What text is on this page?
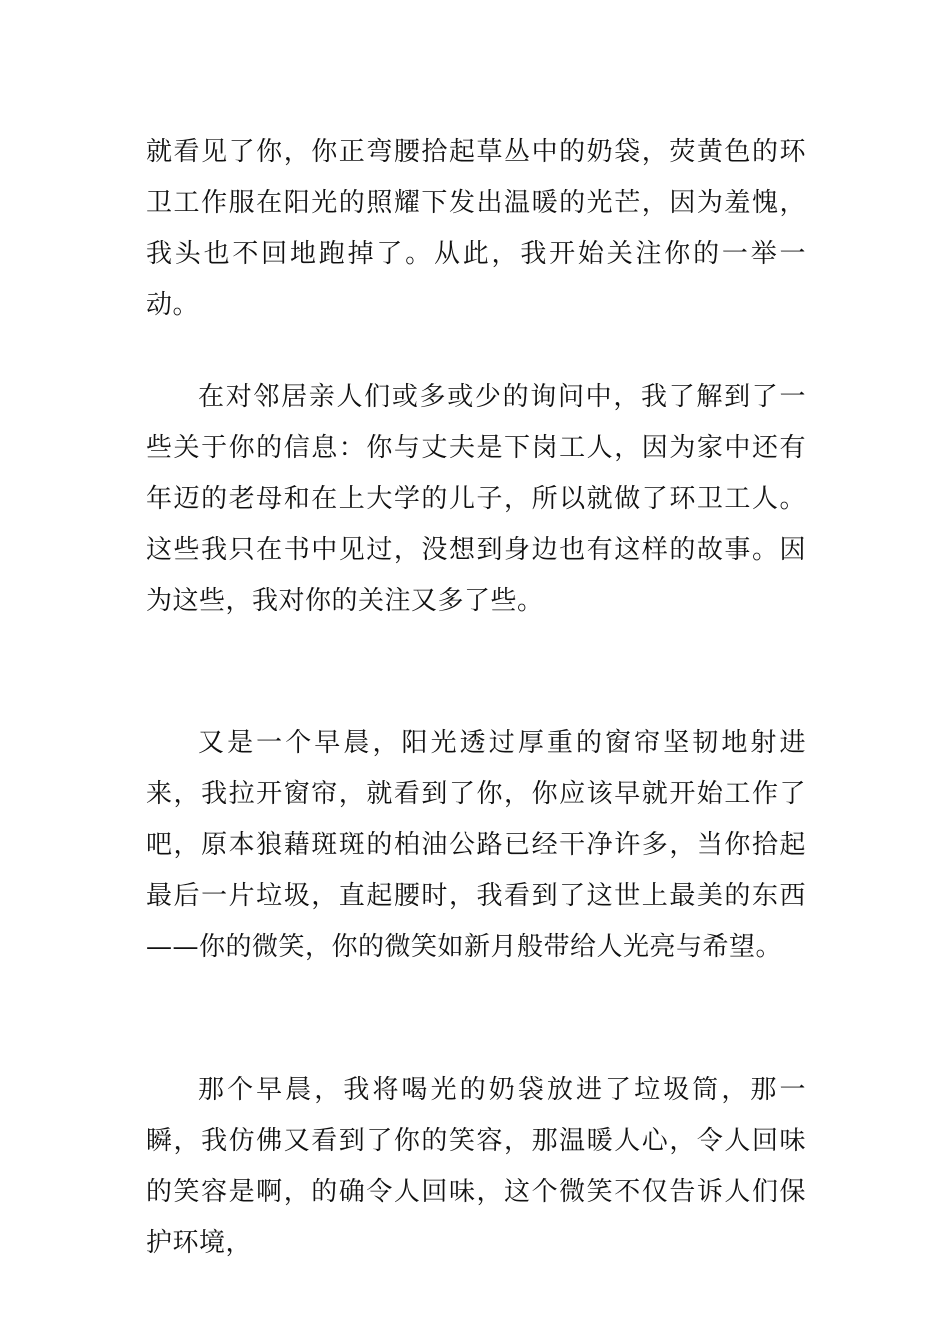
就看见了你，你正弯腰拾起草丛中的奶袋，荧黄色的环卫工作服在阳光的照耀下发出温暖的光芒，因为羞愧，我头也不回地跑掉了。从此，我开始关注你的一举一动。

在对邻居亲人们或多或少的询问中，我了解到了一些关于你的信息：你与丈夫是下岗工人，因为家中还有年迈的老母和在上大学的儿子，所以就做了环卫工人。这些我只在书中见过，没想到身边也有这样的故事。因为这些，我对你的关注又多了些。

又是一个早晨，阳光透过厚重的窗帘坚韧地射进来，我拉开窗帘，就看到了你，你应该早就开始工作了吧，原本狼藉斑斑的柏油公路已经干净许多，当你拾起最后一片垃圾，直起腰时，我看到了这世上最美的东西——你的微笑，你的微笑如新月般带给人光亮与希望。

那个早晨，我将喝光的奶袋放进了垃圾筒，那一瞬，我仿佛又看到了你的笑容，那温暖人心，令人回味的笑容是啊，的确令人回味，这个微笑不仅告诉人们保护环境，
